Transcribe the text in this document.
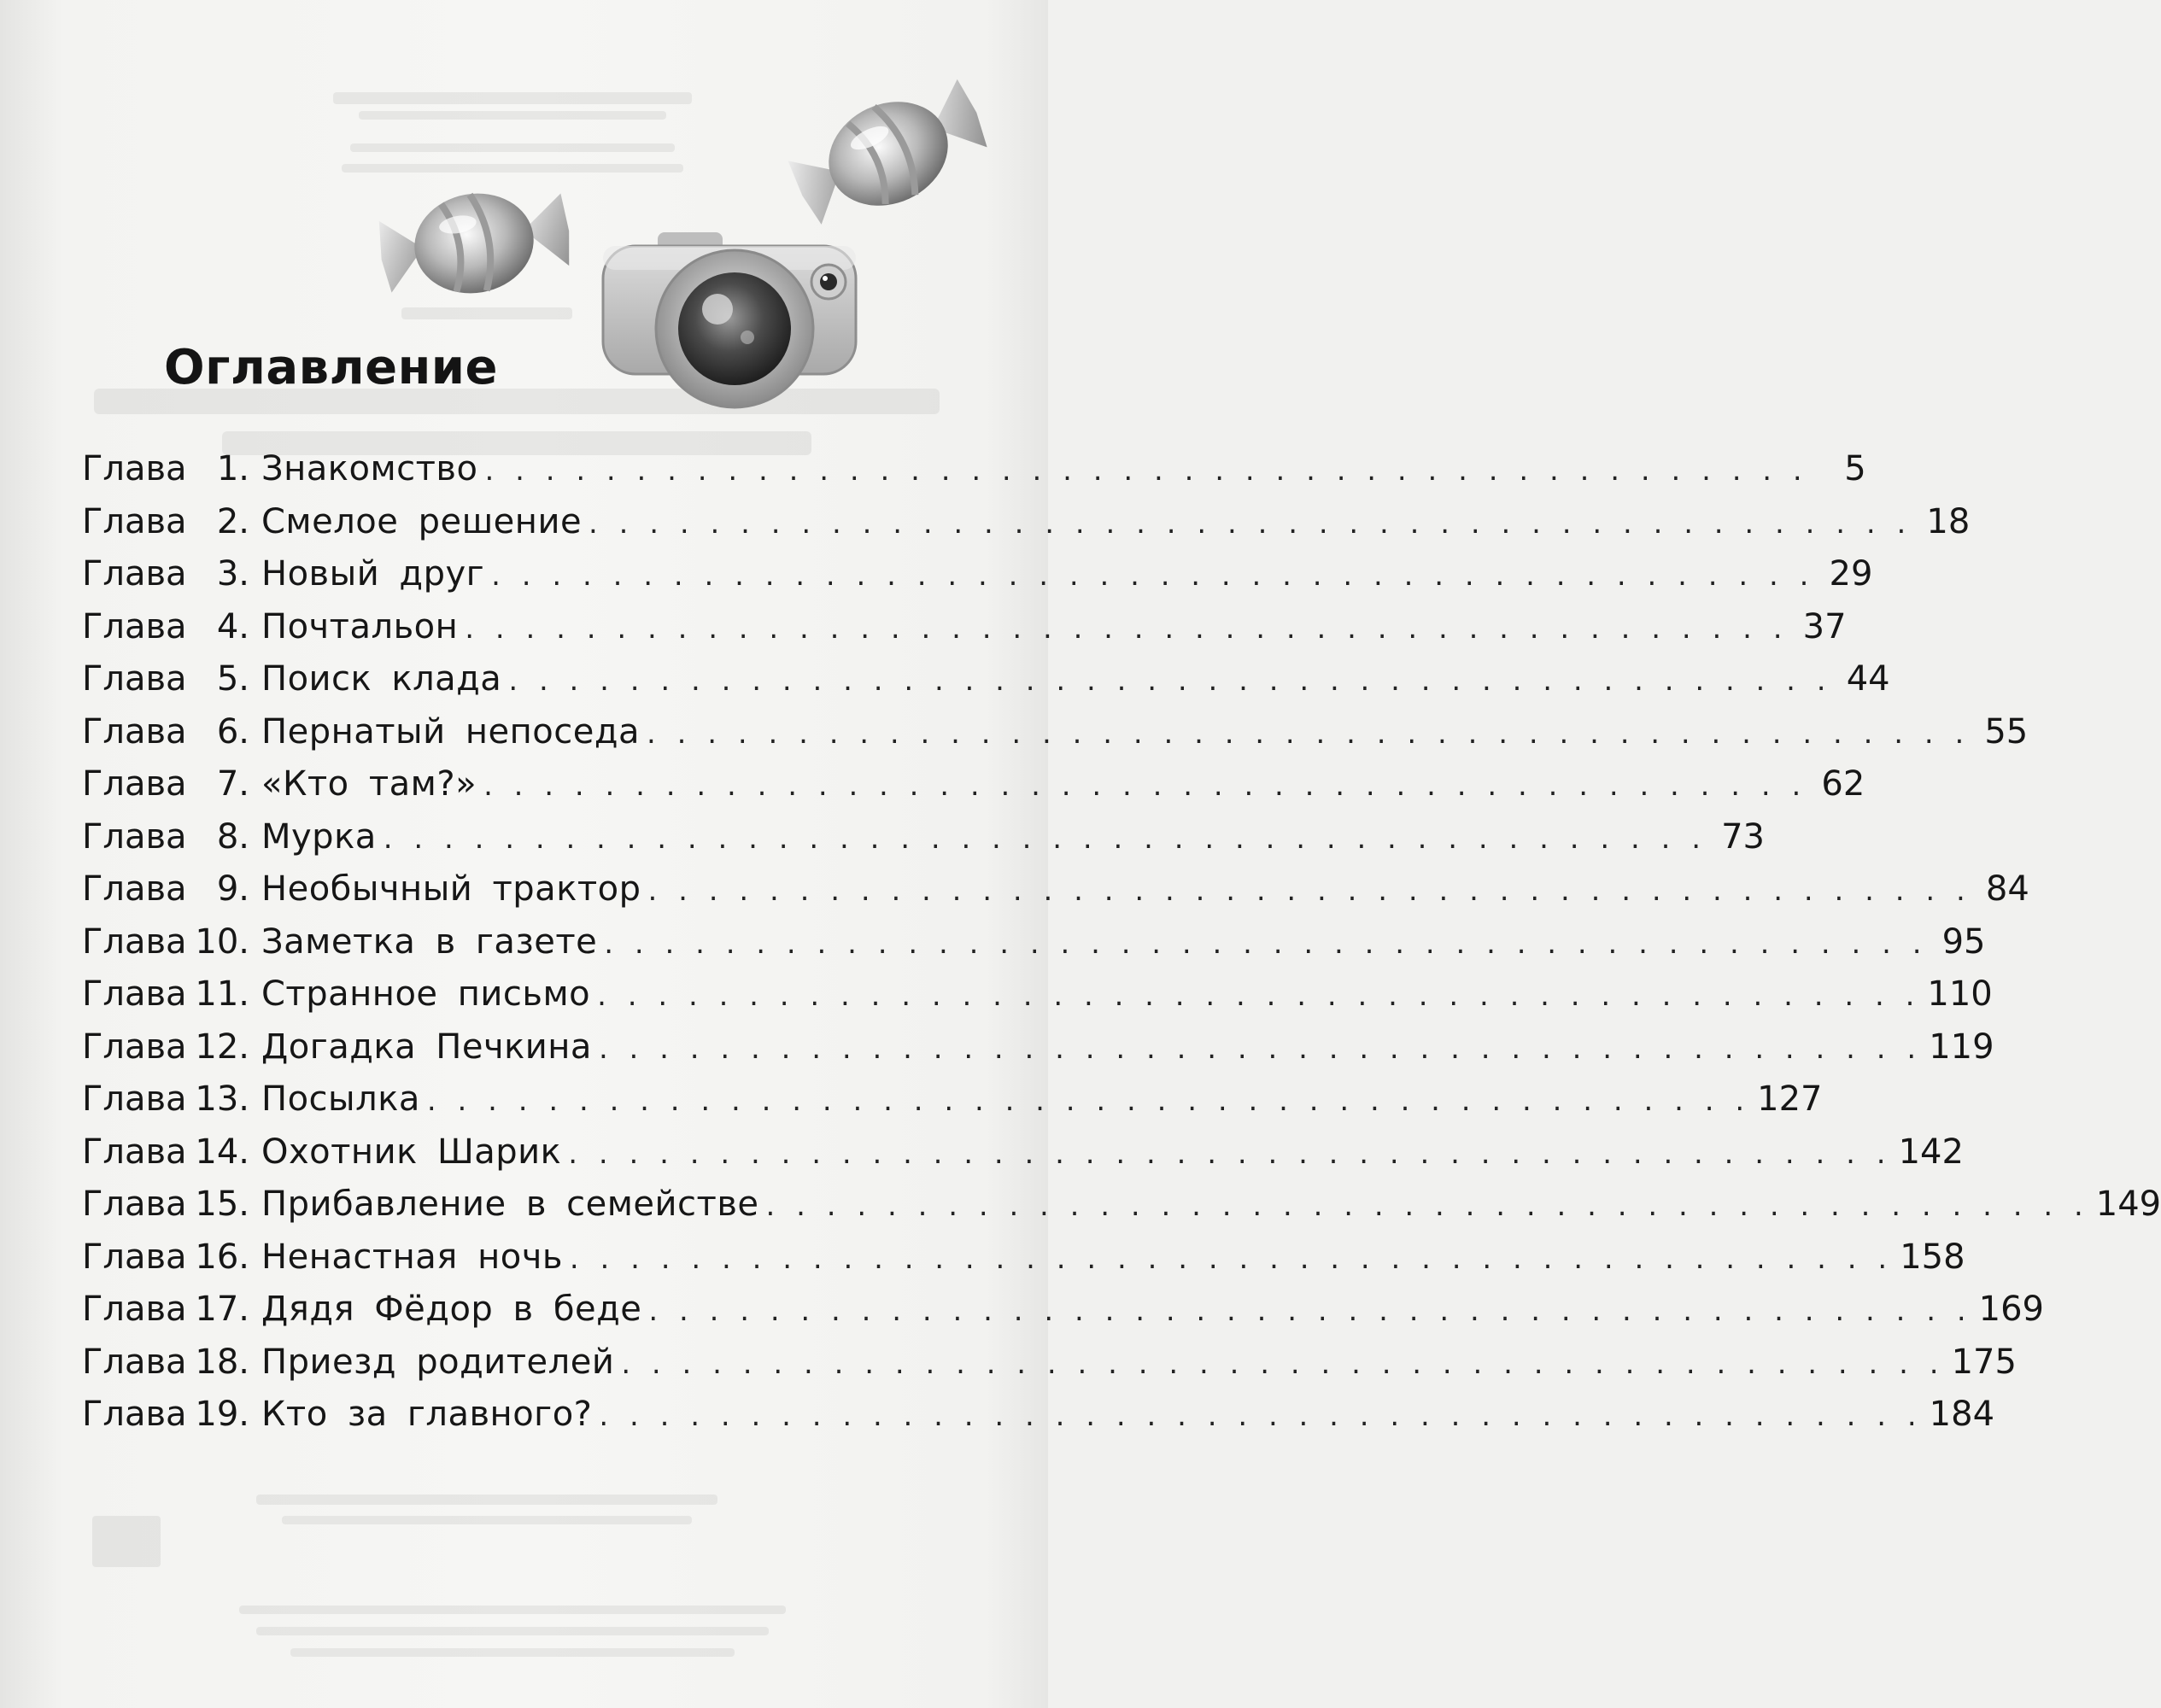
Оглавление
Глава 1. Знакомство . . . . . . . . . . . . . . . . . . . . . . . . . . . . . . . . . . . . . . . . . . . .	5
Глава 2. Смелое решение . . . . . . . . . . . . . . . . . . . . . . . . . . . . . . . . . . . . . . . . . . . . 18
Глава 3. Новый друг . . . . . . . . . . . . . . . . . . . . . . . . . . . . . . . . . . . . . . . . . . . . 29
Глава 4. Почтальон . . . . . . . . . . . . . . . . . . . . . . . . . . . . . . . . . . . . . . . . . . . . 37
Глава 5. Поиск клада . . . . . . . . . . . . . . . . . . . . . . . . . . . . . . . . . . . . . . . . . . . . 44
Глава 6. Пернатый непоседа . . . . . . . . . . . . . . . . . . . . . . . . . . . . . . . . . . . . . . . . . . . . 55
Глава 7. «Кто там?» . . . . . . . . . . . . . . . . . . . . . . . . . . . . . . . . . . . . . . . . . . . . 62
Глава 8. Мурка . . . . . . . . . . . . . . . . . . . . . . . . . . . . . . . . . . . . . . . . . . . . 73
Глава 9. Необычный трактор . . . . . . . . . . . . . . . . . . . . . . . . . . . . . . . . . . . . . . . . . . . . 84
Глава 10. Заметка в газете . . . . . . . . . . . . . . . . . . . . . . . . . . . . . . . . . . . . . . . . . . . . 95
Глава 11. Странное письмо . . . . . . . . . . . . . . . . . . . . . . . . . . . . . . . . . . . . . . . . . . . . 110
Глава 12. Догадка Печкина . . . . . . . . . . . . . . . . . . . . . . . . . . . . . . . . . . . . . . . . . . . . 119
Глава 13. Посылка . . . . . . . . . . . . . . . . . . . . . . . . . . . . . . . . . . . . . . . . . . . . 127
Глава 14. Охотник Шарик . . . . . . . . . . . . . . . . . . . . . . . . . . . . . . . . . . . . . . . . . . . . 142
Глава 15. Прибавление в семействе . . . . . . . . . . . . . . . . . . . . . . . . . . . . . . . . . . . . . . . . . . . . 149
Глава 16. Ненастная ночь . . . . . . . . . . . . . . . . . . . . . . . . . . . . . . . . . . . . . . . . . . . . 158
Глава 17. Дядя Фёдор в беде . . . . . . . . . . . . . . . . . . . . . . . . . . . . . . . . . . . . . . . . . . . . 169
Глава 18. Приезд родителей . . . . . . . . . . . . . . . . . . . . . . . . . . . . . . . . . . . . . . . . . . . . 175
Глава 19. Кто за главного? . . . . . . . . . . . . . . . . . . . . . . . . . . . . . . . . . . . . . . . . . . . . 184
